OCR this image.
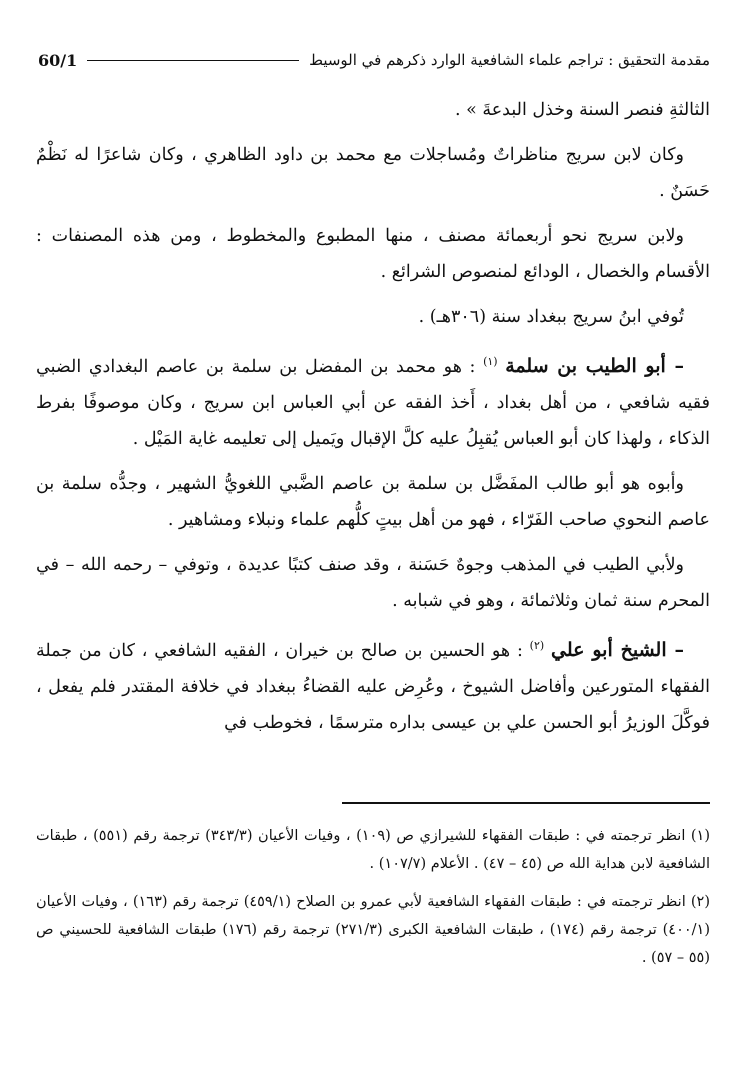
مقدمة التحقيق : تراجم علماء الشافعية الوارد ذكرهم في الوسيط
60/1

الثالثةِ فنصر السنة وخذل البدعةَ » .

وكان لابن سريج مناظراتٌ ومُساجلات مع محمد بن داود الظاهري ، وكان شاعرًا له نَظْمٌ حَسَنٌ .

ولابن سريج نحو أربعمائة مصنف ، منها المطبوع والمخطوط ، ومن هذه المصنفات : الأقسام والخصال ، الودائع لمنصوص الشرائع .

تُوفي ابنُ سريج ببغداد سنة (٣٠٦هـ) .

– أبو الطيب بن سلمة $^{(١)}$ : هو محمد بن المفضل بن سلمة بن عاصم البغدادي الضبي فقيه شافعي ، من أهل بغداد ، أَخذ الفقه عن أبي العباس ابن سريج ، وكان موصوفًا بفرط الذكاء ، ولهذا كان أبو العباس يُقبِلُ عليه كلَّ الإقبال ويَميل إلى تعليمه غاية المَيْل .

وأبوه هو أبو طالب المفَضَّل بن سلمة بن عاصم الضَّبي اللغويُّ الشهير ، وجدُّه سلمة بن عاصم النحوي صاحب الفَرّاء ، فهو من أهل بيتٍ كلُّهم علماء ونبلاء ومشاهير .

ولأبي الطيب في المذهب وجوهٌ حَسَنة ، وقد صنف كتبًا عديدة ، وتوفي – رحمه الله – في المحرم سنة ثمان وثلاثمائة ، وهو في شبابه .

– الشيخ أبو علي $^{(٢)}$ : هو الحسين بن صالح بن خيران ، الفقيه الشافعي ، كان من جملة الفقهاء المتورعين وأفاضل الشيوخ ، وعُرِض عليه القضاءُ ببغداد في خلافة المقتدر فلم يفعل ، فوكَّلَ الوزيرُ أبو الحسن علي بن عيسى بداره مترسمًا ، فخوطب في

(١) انظر ترجمته في : طبقات الفقهاء للشيرازي ص (١٠٩) ، وفيات الأعيان (٣٤٣/٣) ترجمة رقم (٥٥١) ، طبقات الشافعية لابن هداية الله ص (٤٥ – ٤٧) . الأعلام (١٠٧/٧) .

(٢) انظر ترجمته في : طبقات الفقهاء الشافعية لأبي عمرو بن الصلاح (٤٥٩/١) ترجمة رقم (١٦٣) ، وفيات الأعيان (٤٠٠/١) ترجمة رقم (١٧٤) ، طبقات الشافعية الكبرى (٢٧١/٣) ترجمة رقم (١٧٦) طبقات الشافعية للحسيني ص (٥٥ – ٥٧) .
